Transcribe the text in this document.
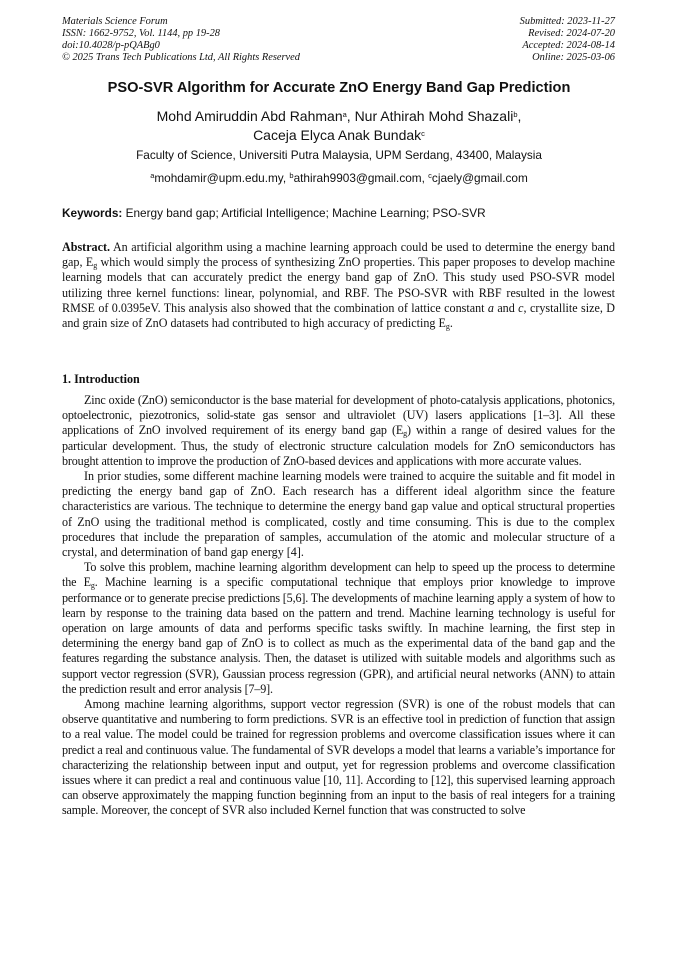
Materials Science Forum
ISSN: 1662-9752, Vol. 1144, pp 19-28
doi:10.4028/p-pQABg0
© 2025 Trans Tech Publications Ltd, All Rights Reserved
Submitted: 2023-11-27
Revised: 2024-07-20
Accepted: 2024-08-14
Online: 2025-03-06
PSO-SVR Algorithm for Accurate ZnO Energy Band Gap Prediction
Mohd Amiruddin Abd Rahman$^a$, Nur Athirah Mohd Shazali$^b$,
Caceja Elyca Anak Bundak$^c$
Faculty of Science, Universiti Putra Malaysia, UPM Serdang, 43400, Malaysia
$^a$mohdamir@upm.edu.my, $^b$athirah9903@gmail.com, $^c$cjaely@gmail.com
Keywords: Energy band gap; Artificial Intelligence; Machine Learning; PSO-SVR

Abstract. An artificial algorithm using a machine learning approach could be used to determine the energy band gap, $E_g$ which would simply the process of synthesizing ZnO properties. This paper proposes to develop machine learning models that can accurately predict the energy band gap of ZnO. This study used PSO-SVR model utilizing three kernel functions: linear, polynomial, and RBF. The PSO-SVR with RBF resulted in the lowest RMSE of 0.0395eV. This analysis also showed that the combination of lattice constant a and c, crystallite size, D and grain size of ZnO datasets had contributed to high accuracy of predicting $E_g$.

1. Introduction

Zinc oxide (ZnO) semiconductor is the base material for development of photo-catalysis applications, photonics, optoelectronic, piezotronics, solid-state gas sensor and ultraviolet (UV) lasers applications [1–3]. All these applications of ZnO involved requirement of its energy band gap $(E_g)$ within a range of desired values for the particular development. Thus, the study of electronic structure calculation models for ZnO semiconductors has brought attention to improve the production of ZnO-based devices and applications with more accurate values.

In prior studies, some different machine learning models were trained to acquire the suitable and fit model in predicting the energy band gap of ZnO. Each research has a different ideal algorithm since the feature characteristics are various. The technique to determine the energy band gap value and optical structural properties of ZnO using the traditional method is complicated, costly and time consuming. This is due to the complex procedures that include the preparation of samples, accumulation of the atomic and molecular structure of a crystal, and determination of band gap energy [4].

To solve this problem, machine learning algorithm development can help to speed up the process to determine the $E_g$. Machine learning is a specific computational technique that employs prior knowledge to improve performance or to generate precise predictions [5,6]. The developments of machine learning apply a system of how to learn by response to the training data based on the pattern and trend. Machine learning technology is useful for operation on large amounts of data and performs specific tasks swiftly. In machine learning, the first step in determining the energy band gap of ZnO is to collect as much as the experimental data of the band gap and the features regarding the substance analysis. Then, the dataset is utilized with suitable models and algorithms such as support vector regression (SVR), Gaussian process regression (GPR), and artificial neural networks (ANN) to attain the prediction result and error analysis [7–9].

Among machine learning algorithms, support vector regression (SVR) is one of the robust models that can observe quantitative and numbering to form predictions. SVR is an effective tool in prediction of function that assign to a real value. The model could be trained for regression problems and overcome classification issues where it can predict a real and continuous value. The fundamental of SVR develops a model that learns a variable’s importance for characterizing the relationship between input and output, yet for regression problems and overcome classification issues where it can predict a real and continuous value [10, 11]. According to [12], this supervised learning approach can observe approximately the mapping function beginning from an input to the basis of real integers for a training sample. Moreover, the concept of SVR also included Kernel function that was constructed to solve
